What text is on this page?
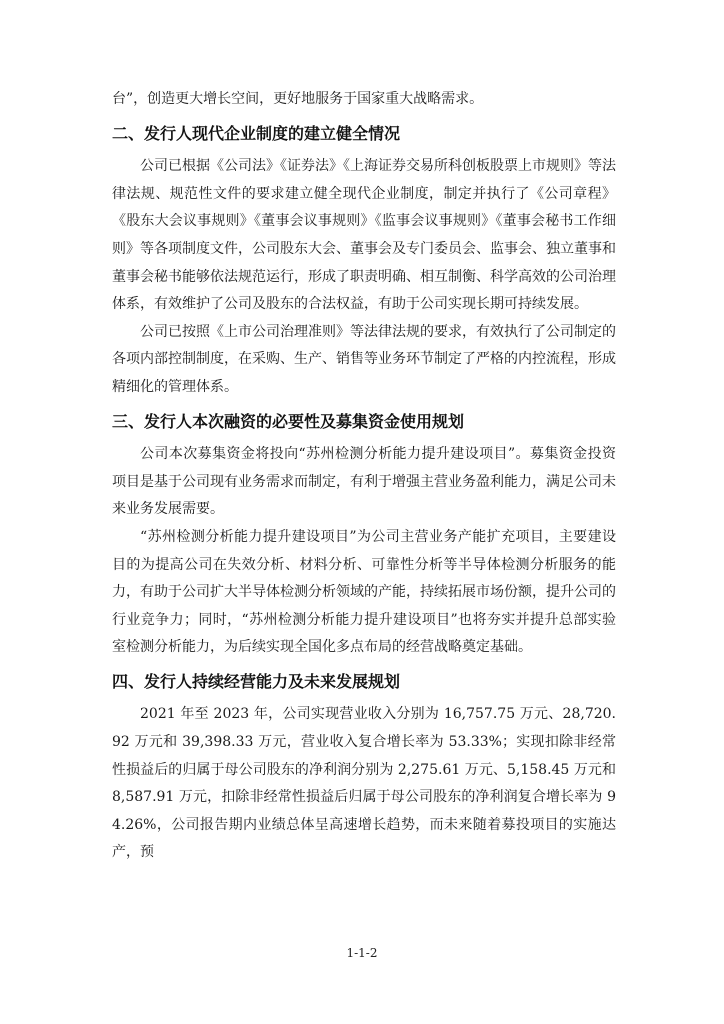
台”，创造更大增长空间，更好地服务于国家重大战略需求。

二、发行人现代企业制度的建立健全情况

公司已根据《公司法》《证券法》《上海证券交易所科创板股票上市规则》等法律法规、规范性文件的要求建立健全现代企业制度，制定并执行了《公司章程》《股东大会议事规则》《董事会议事规则》《监事会议事规则》《董事会秘书工作细则》等各项制度文件，公司股东大会、董事会及专门委员会、监事会、独立董事和董事会秘书能够依法规范运行，形成了职责明确、相互制衡、科学高效的公司治理体系，有效维护了公司及股东的合法权益，有助于公司实现长期可持续发展。

公司已按照《上市公司治理准则》等法律法规的要求，有效执行了公司制定的各项内部控制制度，在采购、生产、销售等业务环节制定了严格的内控流程，形成精细化的管理体系。

三、发行人本次融资的必要性及募集资金使用规划

公司本次募集资金将投向“苏州检测分析能力提升建设项目”。募集资金投资项目是基于公司现有业务需求而制定，有利于增强主营业务盈利能力，满足公司未来业务发展需要。

“苏州检测分析能力提升建设项目”为公司主营业务产能扩充项目，主要建设目的为提高公司在失效分析、材料分析、可靠性分析等半导体检测分析服务的能力，有助于公司扩大半导体检测分析领域的产能，持续拓展市场份额，提升公司的行业竞争力；同时，“苏州检测分析能力提升建设项目”也将夯实并提升总部实验室检测分析能力，为后续实现全国化多点布局的经营战略奠定基础。

四、发行人持续经营能力及未来发展规划

2021 年至 2023 年，公司实现营业收入分别为 16,757.75 万元、28,720.92 万元和 39,398.33 万元，营业收入复合增长率为 53.33%；实现扣除非经常性损益后的归属于母公司股东的净利润分别为 2,275.61 万元、5,158.45 万元和 8,587.91 万元，扣除非经常性损益后归属于母公司股东的净利润复合增长率为 94.26%，公司报告期内业绩总体呈高速增长趋势，而未来随着募投项目的实施达产，预

1-1-2
